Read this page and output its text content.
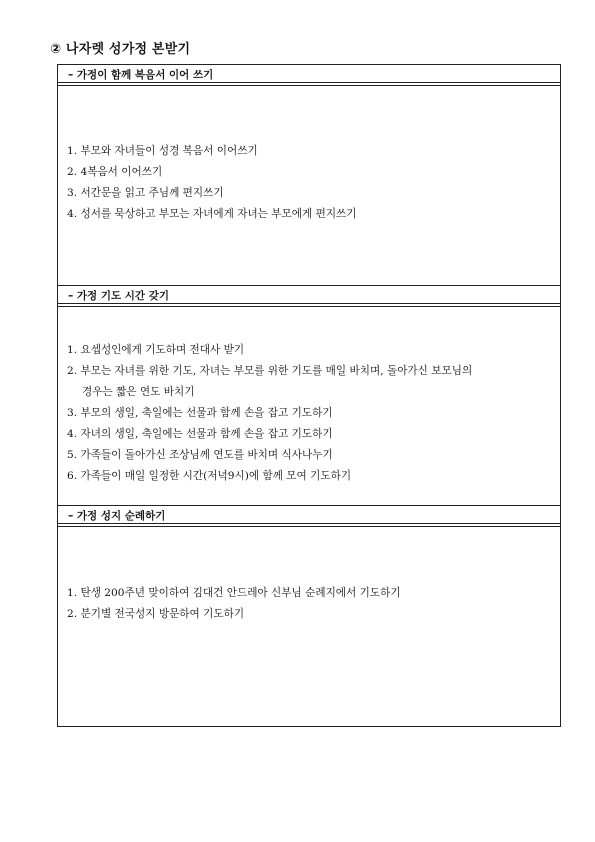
② 나자렛 성가정 본받기
– 가정이 함께 복음서 이어 쓰기
1. 부모와 자녀들이 성경 복음서 이어쓰기
2. 4복음서 이어쓰기
3. 서간문을 읽고 주님께 편지쓰기
4. 성서를 묵상하고 부모는 자녀에게 자녀는 부모에게 편지쓰기
– 가정 기도 시간 갖기
1. 요셉성인에게 기도하며 전대사 받기
2. 부모는 자녀를 위한 기도, 자녀는 부모를 위한 기도를 매일 바치며, 돌아가신 보모님의
경우는 짧은 연도 바치기
3. 부모의 생일, 축일에는 선물과 함께 손을 잡고 기도하기
4. 자녀의 생일, 축일에는 선물과 함께 손을 잡고 기도하기
5. 가족들이 돌아가신 조상님께 연도를 바치며 식사나누기
6. 가족들이 매일 일정한 시간(저녁9시)에 함께 모여 기도하기
– 가정 성지 순례하기
1. 탄생 200주년 맞이하여 김대건 안드레아 신부님 순례지에서 기도하기
2. 분기별 전국성지 방문하여 기도하기
